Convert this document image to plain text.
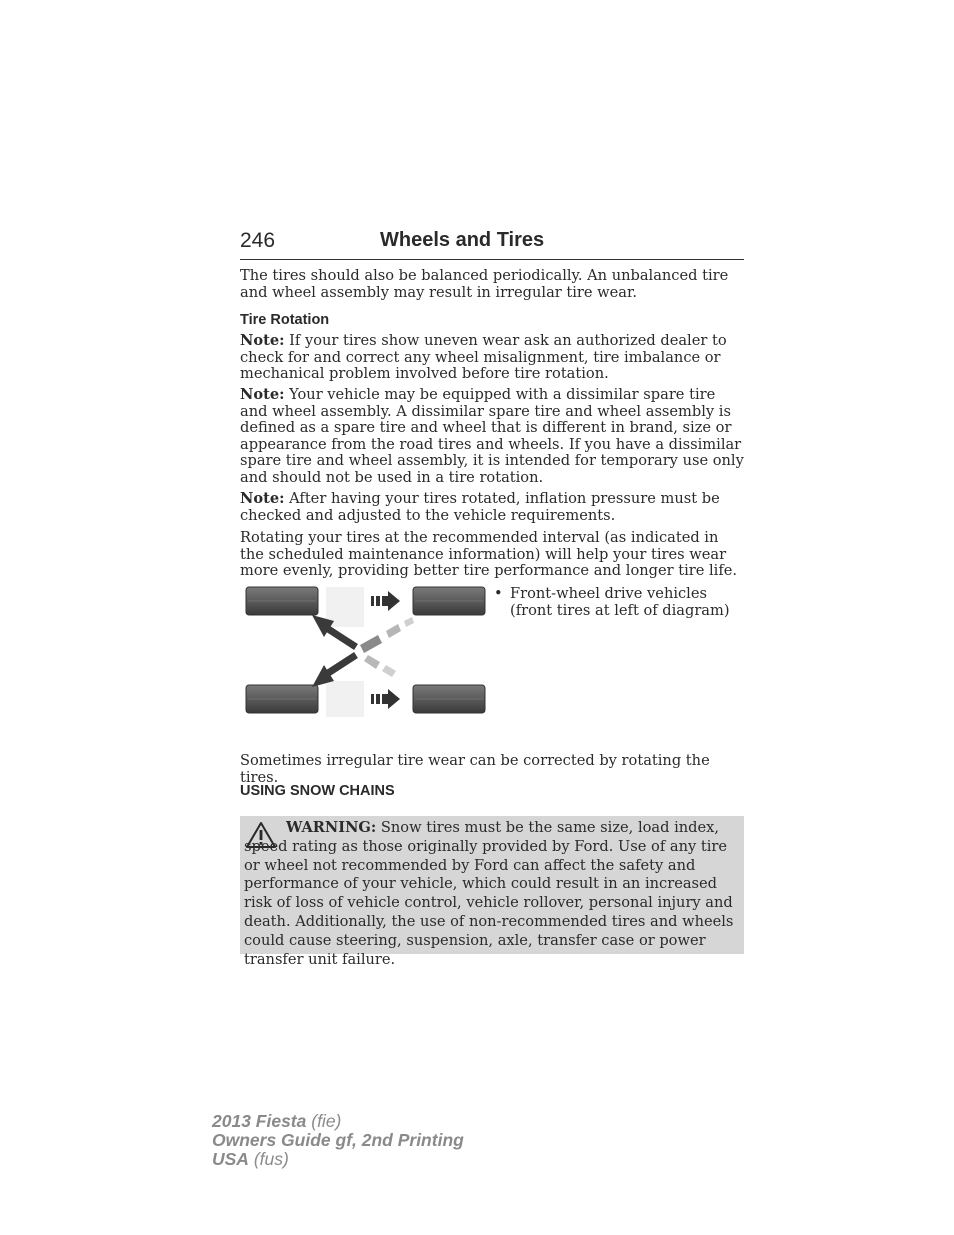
246	Wheels and Tires

The tires should also be balanced periodically. An unbalanced tire and wheel assembly may result in irregular tire wear.

Tire Rotation

Note: If your tires show uneven wear ask an authorized dealer to check for and correct any wheel misalignment, tire imbalance or mechanical problem involved before tire rotation.

Note: Your vehicle may be equipped with a dissimilar spare tire and wheel assembly. A dissimilar spare tire and wheel assembly is defined as a spare tire and wheel that is different in brand, size or appearance from the road tires and wheels. If you have a dissimilar spare tire and wheel assembly, it is intended for temporary use only and should not be used in a tire rotation.

Note: After having your tires rotated, inflation pressure must be checked and adjusted to the vehicle requirements.

Rotating your tires at the recommended interval (as indicated in the scheduled maintenance information) will help your tires wear more evenly, providing better tire performance and longer tire life.

• Front-wheel drive vehicles (front tires at left of diagram)

Sometimes irregular tire wear can be corrected by rotating the tires.

USING SNOW CHAINS

WARNING: Snow tires must be the same size, load index, speed rating as those originally provided by Ford. Use of any tire or wheel not recommended by Ford can affect the safety and performance of your vehicle, which could result in an increased risk of loss of vehicle control, vehicle rollover, personal injury and death. Additionally, the use of non-recommended tires and wheels could cause steering, suspension, axle, transfer case or power transfer unit failure.

2013 Fiesta (fie)
Owners Guide gf, 2nd Printing
USA (fus)
